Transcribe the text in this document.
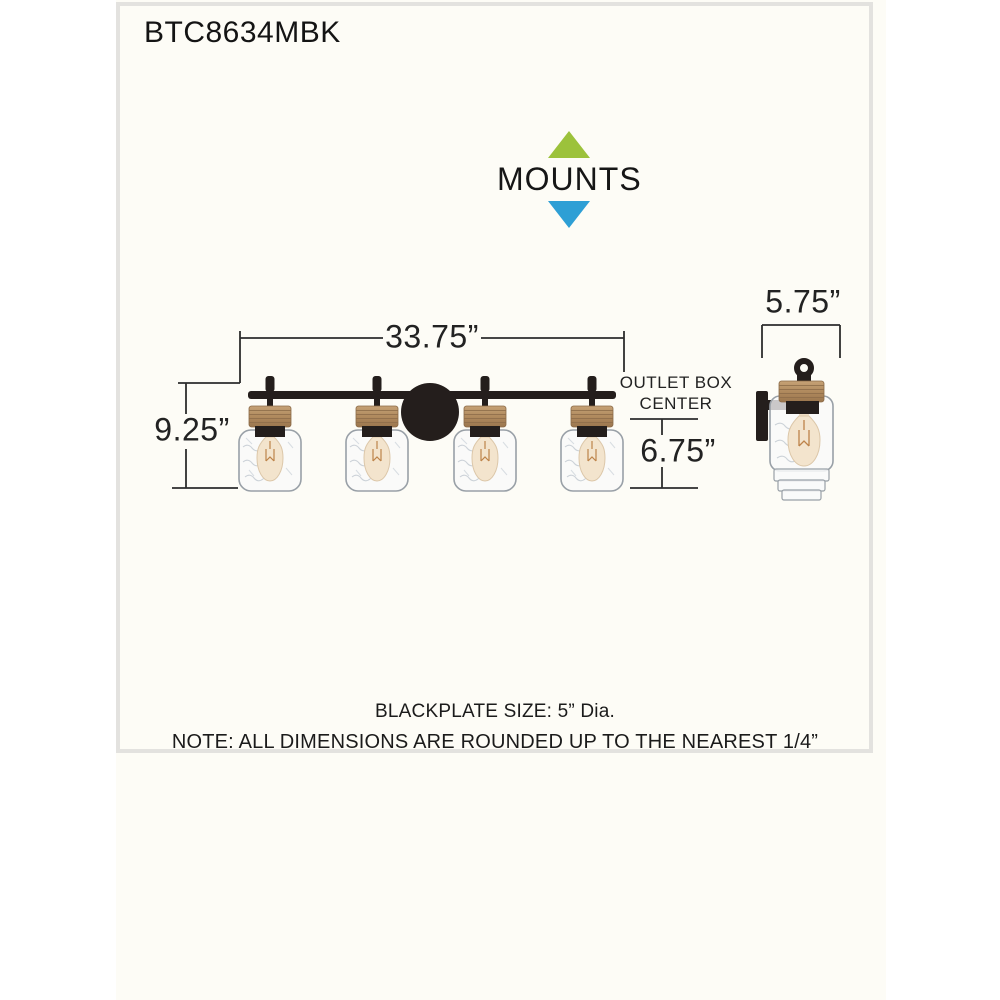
BTC8634MBK
MOUNTS
33.75”
9.25”
OUTLET BOX
CENTER
6.75”
5.75”
BLACKPLATE SIZE: 5” Dia.
NOTE: ALL DIMENSIONS ARE ROUNDED UP TO THE NEAREST 1/4”
